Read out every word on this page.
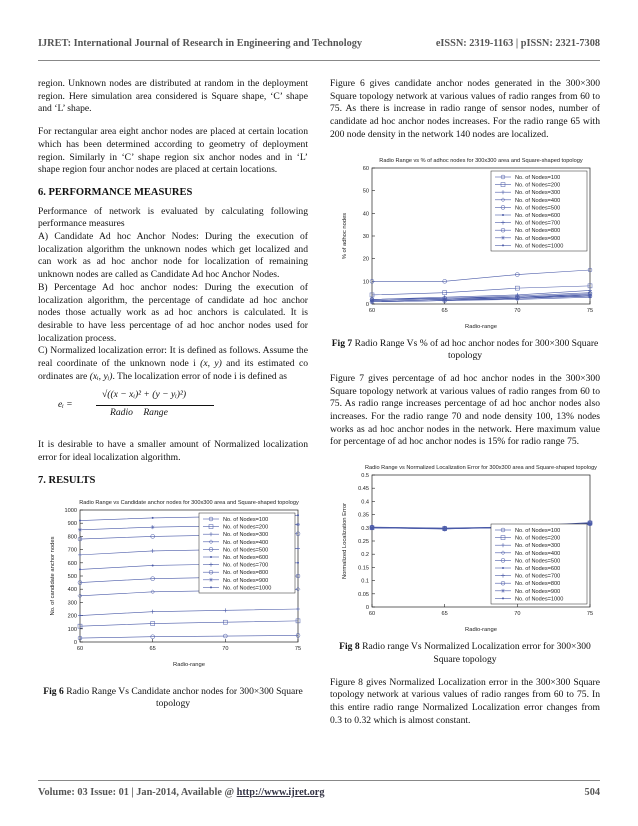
IJRET: International Journal of Research in Engineering and Technology	eISSN: 2319-1163 | pISSN: 2321-7308

region. Unknown nodes are distributed at random in the deployment region. Here simulation area considered is Square shape, ‘C’ shape and ‘L’ shape.

For rectangular area eight anchor nodes are placed at certain location which has been determined according to geometry of deployment region. Similarly in ‘C’ shape region six anchor nodes and in ‘L’ shape region four anchor nodes are placed at certain locations.

6. PERFORMANCE MEASURES

Performance of network is evaluated by calculating following performance measures

A) Candidate Ad hoc Anchor Nodes: During the execution of localization algorithm the unknown nodes which get localized and can work as ad hoc anchor node for localization of remaining unknown nodes are called as Candidate Ad hoc Anchor Nodes.

B) Percentage Ad hoc anchor nodes: During the execution of localization algorithm, the percentage of candidate ad hoc anchor nodes those actually work as ad hoc anchors is calculated. It is desirable to have less percentage of ad hoc anchor nodes used for localization process.

C) Normalized localization error: It is defined as follows. Assume the real coordinate of the unknown node i (x, y) and its estimated co ordinates are (xᵢ, yᵢ). The localization error of node i is defined as

eᵢ =
√((x − xᵢ)² + (y − yᵢ)²)
Radio Range

It is desirable to have a smaller amount of Normalized localization error for ideal localization algorithm.

7. RESULTS
Radio Range vs Candidate anchor nodes for 300x300 area and Square-shaped topology
0
100
200
300
400
500
600
700
800
900
1000
60	65	70	75
Radio-range
No. of candidate anchor nodes
No. of Nodes=100
No. of Nodes=200
No. of Nodes=300
No. of Nodes=400
No. of Nodes=500
No. of Nodes=600
No. of Nodes=700
No. of Nodes=800
No. of Nodes=900
No. of Nodes=1000
Fig 6 Radio Range Vs Candidate anchor nodes for 300×300 Square topology

Figure 6 gives candidate anchor nodes generated in the 300×300 Square topology network at various values of radio ranges from 60 to 75. As there is increase in radio range of sensor nodes, number of candidate ad hoc anchor nodes increases. For the radio range 65 with 200 node density in the network 140 nodes are localized.

Radio Range vs % of adhoc nodes for 300x300 area and Square-shaped topology
0
10
20
30
40
50
60
60	65	70	75
Radio-range
% of adhoc nodes
No. of Nodes=100
No. of Nodes=200
No. of Nodes=300
No. of Nodes=400
No. of Nodes=500
No. of Nodes=600
No. of Nodes=700
No. of Nodes=800
No. of Nodes=900
No. of Nodes=1000
Fig 7 Radio Range Vs % of ad hoc anchor nodes for 300×300 Square topology

Figure 7 gives percentage of ad hoc anchor nodes in the 300×300 Square topology network at various values of radio ranges from 60 to 75. As radio range increases percentage of ad hoc anchor nodes also increases. For the radio range 70 and node density 100, 13% nodes works as ad hoc anchor nodes in the network. Here maximum value for percentage of ad hoc anchor nodes is 15% for radio range 75.

Radio Range vs Normalized Localization Error for 300x300 area and Square-shaped topology
0
0.05
0.1
0.15
0.2
0.25
0.3
0.35
0.4
0.45
0.5
60	65	70	75
Radio-range
Normalized Localization Error	No. of Nodes=100
No. of Nodes=200
No. of Nodes=300
No. of Nodes=400
No. of Nodes=500
No. of Nodes=600
No. of Nodes=700
No. of Nodes=800
No. of Nodes=900
No. of Nodes=1000
Fig 8 Radio range Vs Normalized Localization error for 300×300 Square topology

Figure 8 gives Normalized Localization error in the 300×300 Square topology network at various values of radio ranges from 60 to 75. In this entire radio range Normalized Localization error changes from 0.3 to 0.32 which is almost constant.

Volume: 03 Issue: 01 | Jan-2014, Available @ http://www.ijret.org	504
